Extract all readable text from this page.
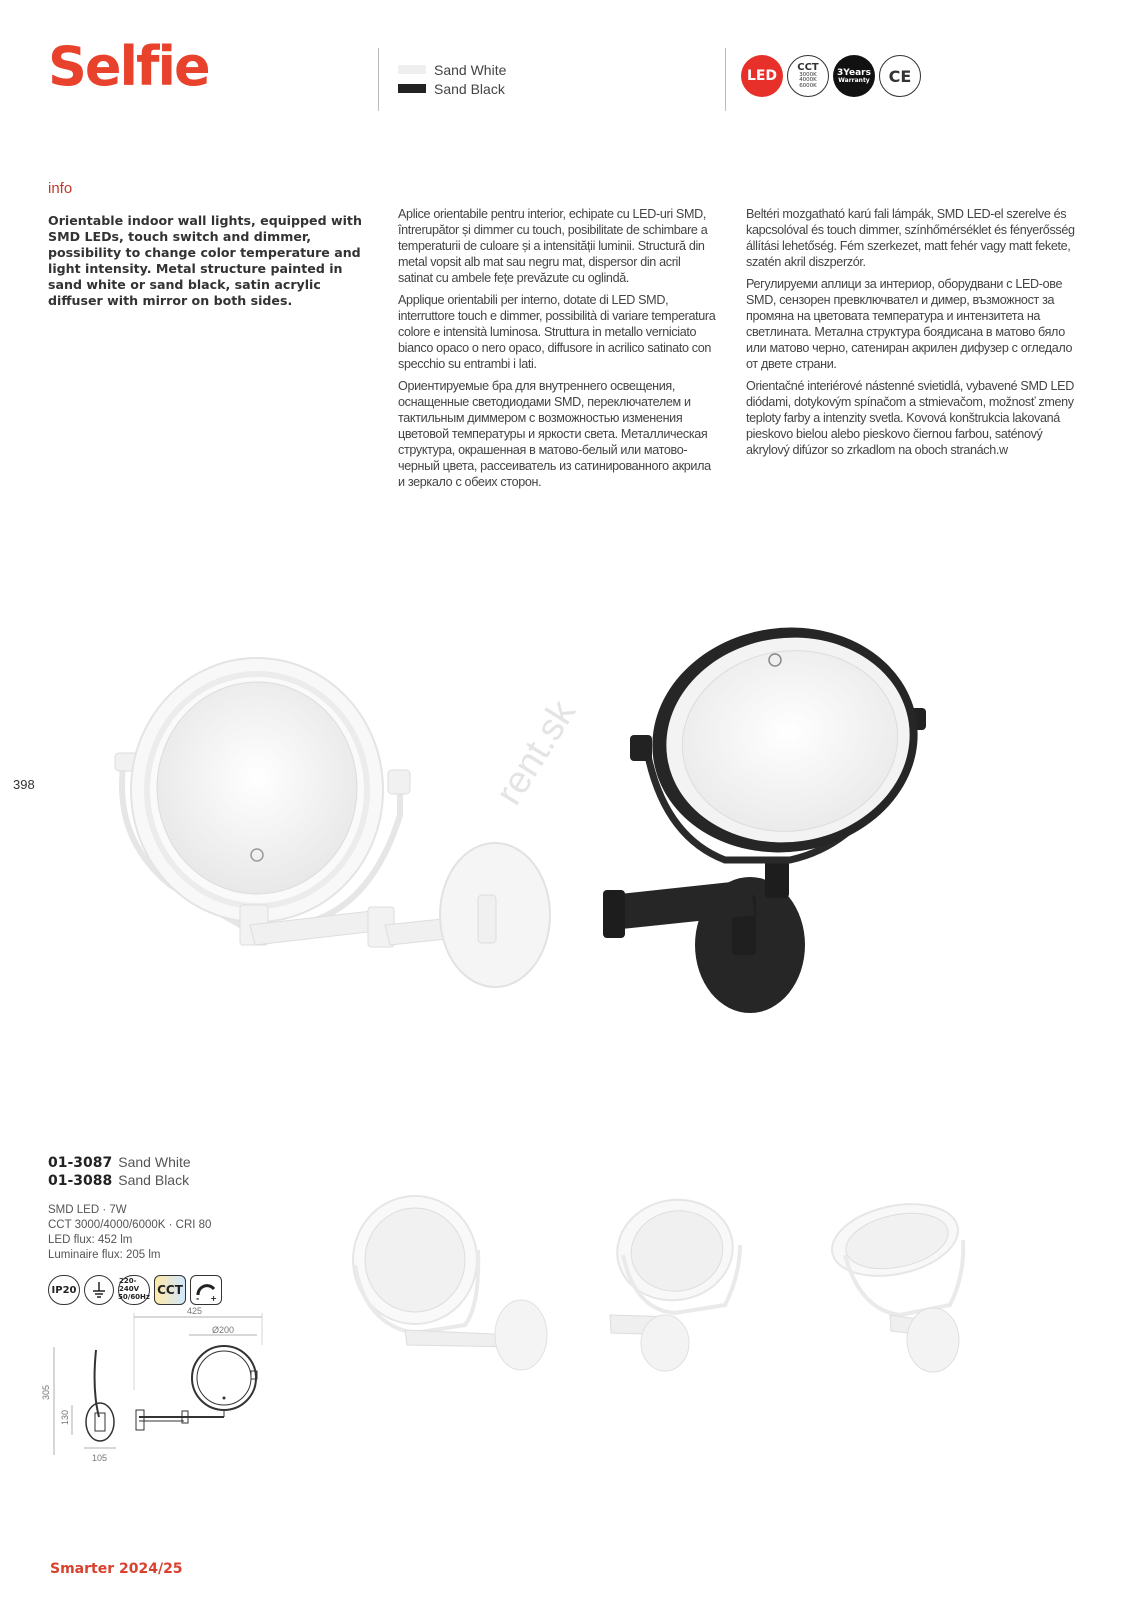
Selfie	Sand White
Sand Black
LED
CCT
3000K
4000K
6000K
3Years
Warranty CE
info
Orientable indoor wall lights, equipped with SMD LEDs, touch switch and dimmer, possibility to change color temperature and light intensity. Metal structure painted in sand white or sand black, satin acrylic diffuser with mirror on both sides.

Aplice orientabile pentru interior, echipate cu LED-uri SMD, întrerupător și dimmer cu touch, posibilitate de schimbare a temperaturii de culoare și a intensității luminii. Structură din metal vopsit alb mat sau negru mat, dispersor din acril satinat cu ambele fețe prevăzute cu oglindă.

Applique orientabili per interno, dotate di LED SMD, interruttore touch e dimmer, possibilità di variare temperatura colore e intensità luminosa. Struttura in metallo verniciato bianco opaco o nero opaco, diffusore in acrilico satinato con specchio su entrambi i lati.

Ориентируемые бра для внутреннего освещения, оснащенные светодиодами SMD, переключателем и тактильным диммером с возможностью изменения цветовой температуры и яркости света. Металлическая структура, окрашенная в матово-белый или матово-черный цвета, рассеиватель из сатинированного акрила и зеркало с обеих сторон.

Beltéri mozgatható karú fali lámpák, SMD LED-el szerelve és kapcsolóval és touch dimmer, színhőmérséklet és fényerősség állítási lehetőség. Fém szerkezet, matt fehér vagy matt fekete, szatén akril diszperzór.

Регулируеми аплици за интериор, оборудвани с LED-ове SMD, сензорен превключвател и димер, възможност за промяна на цветовата температура и интензитета на светлината. Метална структура боядисана в матово бяло или матово черно, сатениран акрилен дифузер с огледало от двете страни.

Orientačné interiérové nástenné svietidlá, vybavené SMD LED diódami, dotykovým spínačom a stmievačom, možnosť zmeny teploty farby a intenzity svetla. Kovová konštrukcia lakovaná pieskovo bielou alebo pieskovo čiernou farbou, saténový akrylový difúzor so zrkadlom na oboch stranách.w

398	rent.sk
01-3087 Sand White
01-3088 Sand Black
SMD LED · 7W
CCT 3000/4000/6000K · CRI 80
LED flux: 452 lm
Luminaire flux: 205 lm
IP20
220-240V
50/60Hz CCT
- +
425
Ø200
305
130
105
Smarter 2024/25
